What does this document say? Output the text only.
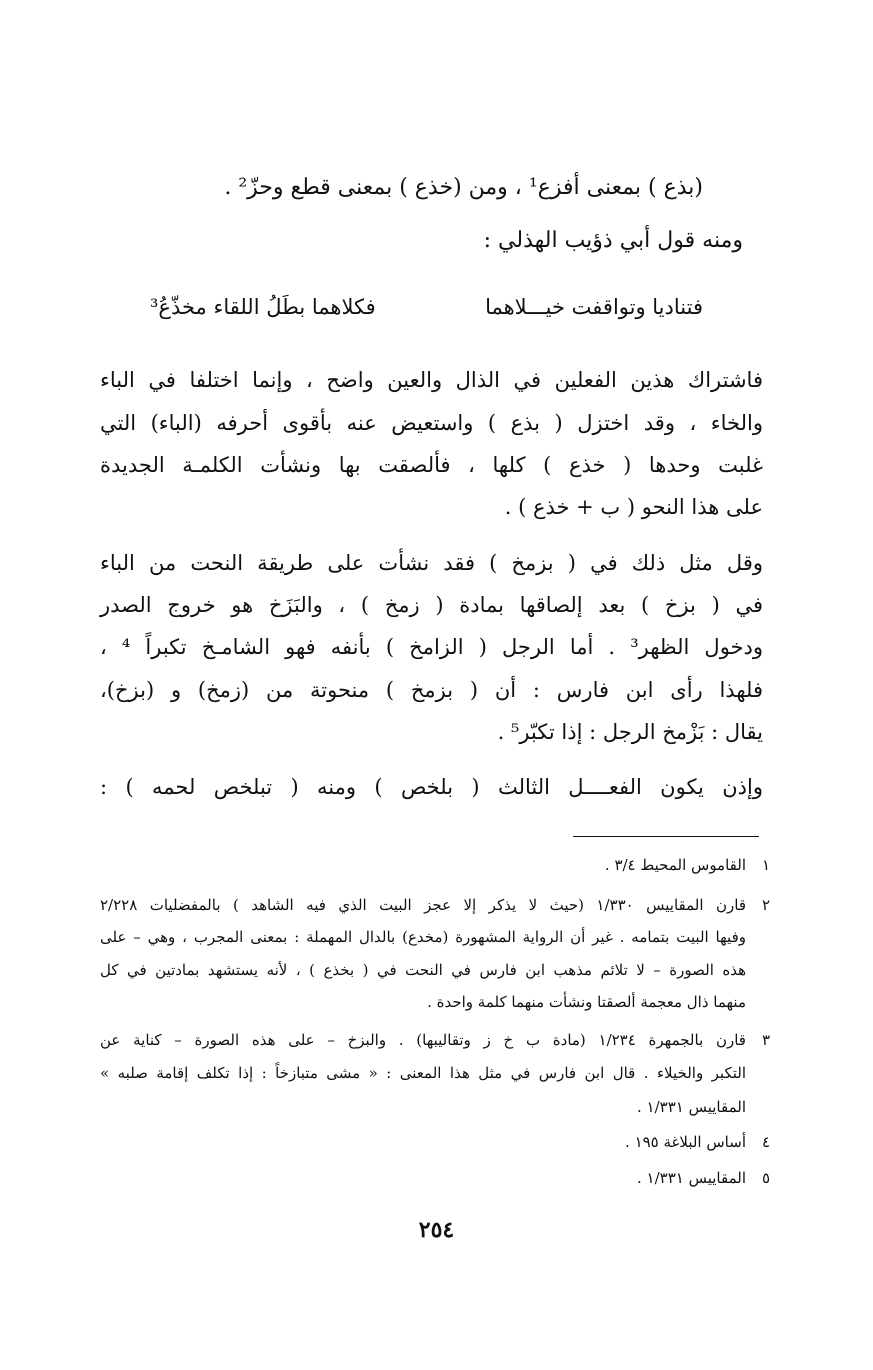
(بذع ) بمعنى أفزع¹ ، ومن (خذع ) بمعنى قطع وحزّ² .
ومنه قول أبي ذؤيب الهذلي :
فتناديا وتواقفت خيـــلاهما
فكلاهما بطَلُ اللقاء مخذّعُ³
فاشتراك هذين الفعلين في الذال والعين واضح ، وإنما اختلفا في الباء
والخاء ، وقد اختزل ( بذع ) واستعيض عنه بأقوى أحرفه (الباء) التي
غلبت وحدها ( خذع ) كلها ، فألصقت بها ونشأت الكلمـة الجديدة
على هذا النحو ( ب + خذع ) .
وقل مثل ذلك في ( بزمخ ) فقد نشأت على طريقة النحت من الباء
في ( بزخ ) بعد إلصاقها بمادة ( زمخ ) ، والبَزَخ هو خروج الصدر
ودخول الظهر³ . أما الرجل ( الزامخ ) بأنفه فهو الشامـخ تكبراً ⁴ ،
فلهذا رأى ابن فارس : أن ( بزمخ ) منحوتة من (زمخ) و (بزخ)،
يقال : بَزْمخ الرجل : إذا تكبّر⁵ .
وإذن يكون الفعــــل الثالث ( بلخص ) ومنه ( تبلخص لحمه ) :
١
القاموس المحيط ٣/٤ .
٢
قارن المقاييس ١/٣٣٠ (حيث لا يذكر إلا عجز البيت الذي فيه الشاهد ) بالمفضليات ٢/٢٢٨
وفيها البيت بتمامه . غير أن الرواية المشهورة (مخدع) بالدال المهملة : بمعنى المجرب ، وهي – على
هذه الصورة – لا تلائم مذهب ابن فارس في النحت في ( بخذع ) ، لأنه يستشهد بمادتين في كل
منهما ذال معجمة ألصقتا ونشأت منهما كلمة واحدة .
٣
قارن بالجمهرة ١/٢٣٤ (مادة ب خ ز وتقاليبها) . والبزخ – على هذه الصورة – كناية عن
التكبر والخيلاء . قال ابن فارس في مثل هذا المعنى : « مشى متبازخاً : إذا تكلف إقامة صلبه »
المقاييس ١/٣٣١ .
٤
أساس البلاغة ١٩٥ .
٥
المقاييس ١/٣٣١ .
٢٥٤
